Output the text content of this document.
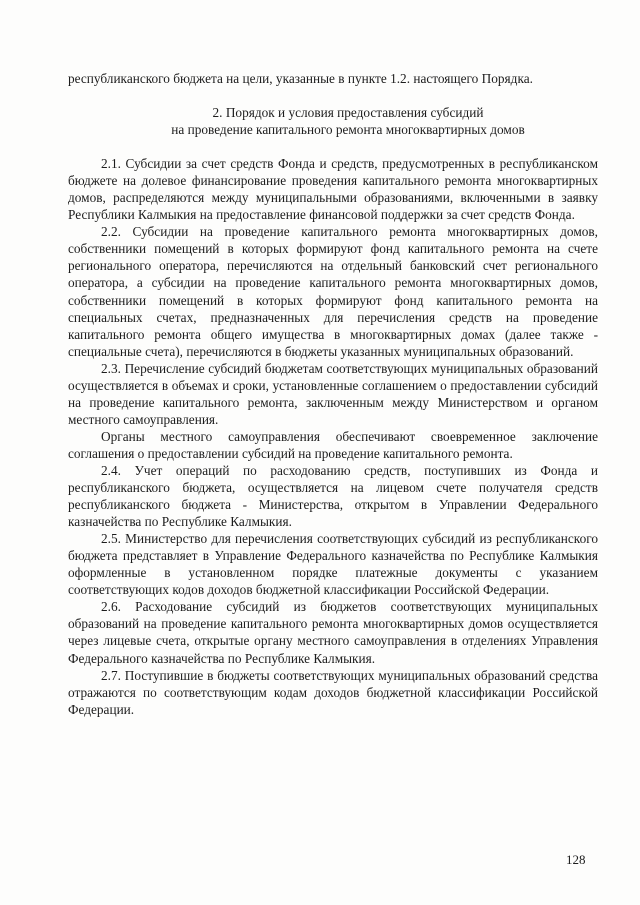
республиканского бюджета на цели, указанные в пункте 1.2. настоящего Порядка.

2. Порядок и условия предоставления субсидий
на проведение капитального ремонта многоквартирных домов

2.1. Субсидии за счет средств Фонда и средств, предусмотренных в республиканском бюджете на долевое финансирование проведения капитального ремонта многоквартирных домов, распределяются между муниципальными образованиями, включенными в заявку Республики Калмыкия на предоставление финансовой поддержки за счет средств Фонда.

2.2. Субсидии на проведение капитального ремонта многоквартирных домов, собственники помещений в которых формируют фонд капитального ремонта на счете регионального оператора, перечисляются на отдельный банковский счет регионального оператора, а субсидии на проведение капитального ремонта многоквартирных домов, собственники помещений в которых формируют фонд капитального ремонта на специальных счетах, предназначенных для перечисления средств на проведение капитального ремонта общего имущества в многоквартирных домах (далее также - специальные счета), перечисляются в бюджеты указанных муниципальных образований.

2.3. Перечисление субсидий бюджетам соответствующих муниципальных образований осуществляется в объемах и сроки, установленные соглашением о предоставлении субсидий на проведение капитального ремонта, заключенным между Министерством и органом местного самоуправления.

Органы местного самоуправления обеспечивают своевременное заключение соглашения о предоставлении субсидий на проведение капитального ремонта.

2.4. Учет операций по расходованию средств, поступивших из Фонда и республиканского бюджета, осуществляется на лицевом счете получателя средств республиканского бюджета - Министерства, открытом в Управлении Федерального казначейства по Республике Калмыкия.

2.5. Министерство для перечисления соответствующих субсидий из республиканского бюджета представляет в Управление Федерального казначейства по Республике Калмыкия оформленные в установленном порядке платежные документы с указанием соответствующих кодов доходов бюджетной классификации Российской Федерации.

2.6. Расходование субсидий из бюджетов соответствующих муниципальных образований на проведение капитального ремонта многоквартирных домов осуществляется через лицевые счета, открытые органу местного самоуправления в отделениях Управления Федерального казначейства по Республике Калмыкия.

2.7. Поступившие в бюджеты соответствующих муниципальных образований средства отражаются по соответствующим кодам доходов бюджетной классификации Российской Федерации.

128
